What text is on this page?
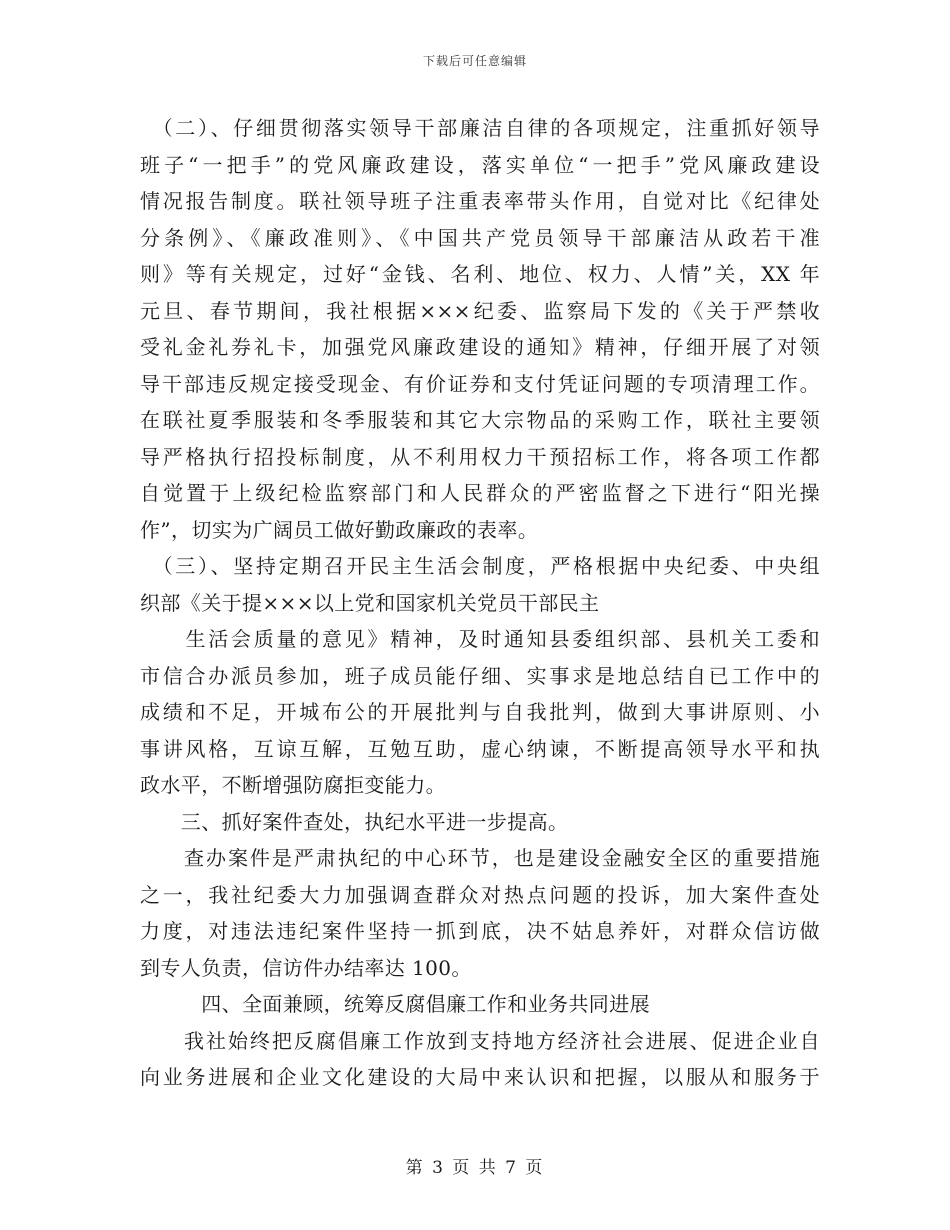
下载后可任意编辑
　（二）、仔细贯彻落实领导干部廉洁自律的各项规定，注重抓好领导
班子“一把手”的党风廉政建设，落实单位“一把手”党风廉政建设
情况报告制度。联社领导班子注重表率带头作用，自觉对比《纪律处
分条例》、《廉政准则》、《中国共产党员领导干部廉洁从政若干准
则》等有关规定，过好“金钱、名利、地位、权力、人情”关，XX 年
元旦、春节期间，我社根据×××纪委、监察局下发的《关于严禁收
受礼金礼券礼卡，加强党风廉政建设的通知》精神，仔细开展了对领
导干部违反规定接受现金、有价证券和支付凭证问题的专项清理工作。
在联社夏季服装和冬季服装和其它大宗物品的采购工作，联社主要领
导严格执行招投标制度，从不利用权力干预招标工作，将各项工作都
自觉置于上级纪检监察部门和人民群众的严密监督之下进行“阳光操
作”，切实为广阔员工做好勤政廉政的表率。
　（三）、坚持定期召开民主生活会制度，严格根据中央纪委、中央组
织部《关于提×××以上党和国家机关党员干部民主
　　生活会质量的意见》精神，及时通知县委组织部、县机关工委和
市信合办派员参加，班子成员能仔细、实事求是地总结自已工作中的
成绩和不足，开城布公的开展批判与自我批判，做到大事讲原则、小
事讲风格，互谅互解，互勉互助，虚心纳谏，不断提高领导水平和执
政水平，不断增强防腐拒变能力。
　　三、抓好案件查处，执纪水平进一步提高。
　　查办案件是严肃执纪的中心环节，也是建设金融安全区的重要措施
之一，我社纪委大力加强调查群众对热点问题的投诉，加大案件查处
力度，对违法违纪案件坚持一抓到底，决不姑息养奸，对群众信访做
到专人负责，信访件办结率达 100。
　　　四、全面兼顾，统筹反腐倡廉工作和业务共同进展
　　我社始终把反腐倡廉工作放到支持地方经济社会进展、促进企业自
向业务进展和企业文化建设的大局中来认识和把握，以服从和服务于
第 3 页 共 7 页
